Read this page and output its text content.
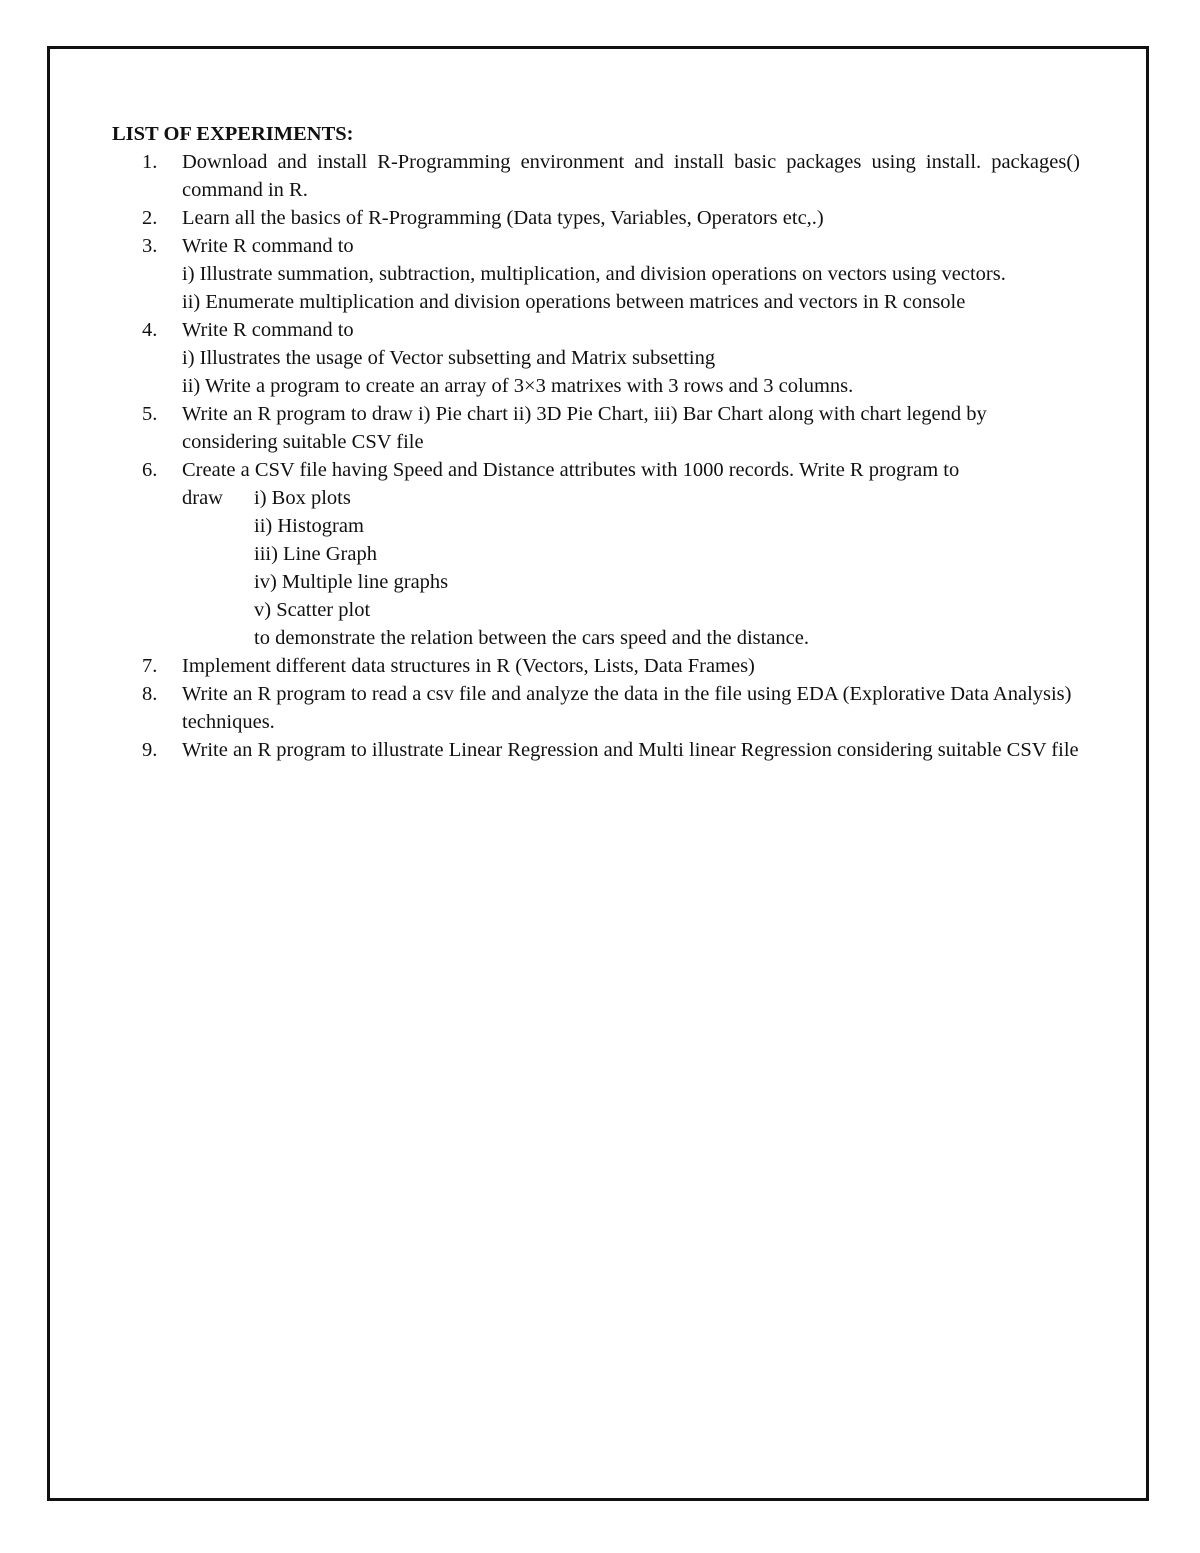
LIST OF EXPERIMENTS:

1.	Download and install R-Programming environment and install basic packages using install. packages() command in R.
2.	Learn all the basics of R-Programming (Data types, Variables, Operators etc,.)
3.	Write R command to
i) Illustrate summation, subtraction, multiplication, and division operations on vectors using vectors.
ii) Enumerate multiplication and division operations between matrices and vectors in R console
4.	Write R command to
i) Illustrates the usage of Vector subsetting and Matrix subsetting
ii) Write a program to create an array of 3×3 matrixes with 3 rows and 3 columns.
5.	Write an R program to draw i) Pie chart ii) 3D Pie Chart, iii) Bar Chart along with chart legend by considering suitable CSV file
6.	Create a CSV file having Speed and Distance attributes with 1000 records. Write R program to
draw	i) Box plots
ii) Histogram
iii) Line Graph
iv) Multiple line graphs
v) Scatter plot
to demonstrate the relation between the cars speed and the distance.
7.	Implement different data structures in R (Vectors, Lists, Data Frames)
8.	Write an R program to read a csv file and analyze the data in the file using EDA (Explorative Data Analysis) techniques.
9.	Write an R program to illustrate Linear Regression and Multi linear Regression considering suitable CSV file
